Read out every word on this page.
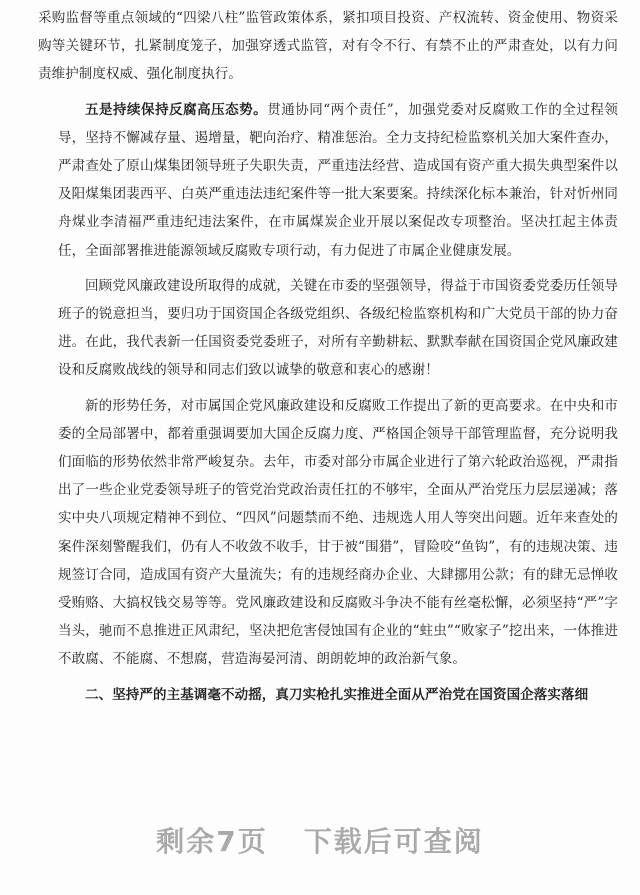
采购监督等重点领域的“四梁八柱”监管政策体系，紧扣项目投资、产权流转、资金使用、物资采购等关键环节，扎紧制度笼子，加强穿透式监管，对有令不行、有禁不止的严肃查处，以有力问责维护制度权威、强化制度执行。

五是持续保持反腐高压态势。贯通协同“两个责任”，加强党委对反腐败工作的全过程领导，坚持不懈减存量、遏增量，靶向治疗、精准惩治。全力支持纪检监察机关加大案件查办，严肃查处了原山煤集团领导班子失职失责，严重违法经营、造成国有资产重大损失典型案件以及阳煤集团裴西平、白英严重违法违纪案件等一批大案要案。持续深化标本兼治，针对忻州同舟煤业李清福严重违纪违法案件，在市属煤炭企业开展以案促改专项整治。坚决扛起主体责任，全面部署推进能源领域反腐败专项行动，有力促进了市属企业健康发展。

回顾党风廉政建设所取得的成就，关键在市委的坚强领导，得益于市国资委党委历任领导班子的锐意担当，要归功于国资国企各级党组织、各级纪检监察机构和广大党员干部的协力奋进。在此，我代表新一任国资委党委班子，对所有辛勤耕耘、默默奉献在国资国企党风廉政建设和反腐败战线的领导和同志们致以诚挚的敬意和衷心的感谢！

新的形势任务，对市属国企党风廉政建设和反腐败工作提出了新的更高要求。在中央和市委的全局部署中，都着重强调要加大国企反腐力度、严格国企领导干部管理监督，充分说明我们面临的形势依然非常严峻复杂。去年，市委对部分市属企业进行了第六轮政治巡视，严肃指出了一些企业党委领导班子的管党治党政治责任扛的不够牢，全面从严治党压力层层递减；落实中央八项规定精神不到位、“四风”问题禁而不绝、违规选人用人等突出问题。近年来查处的案件深刻警醒我们，仍有人不收敛不收手，甘于被“围猎”，冒险咬“鱼钩”，有的违规决策、违规签订合同，造成国有资产大量流失；有的违规经商办企业、大肆挪用公款；有的肆无忌惮收受贿赂、大搞权钱交易等等。党风廉政建设和反腐败斗争决不能有丝毫松懈，必须坚持“严”字当头，驰而不息推进正风肃纪，坚决把危害侵蚀国有企业的“蛀虫”“败家子”挖出来，一体推进不敢腐、不能腐、不想腐，营造海晏河清、朗朗乾坤的政治新气象。

二、坚持严的主基调毫不动摇，真刀实枪扎实推进全面从严治党在国资国企落实落细

剩余7页 下载后可查阅
